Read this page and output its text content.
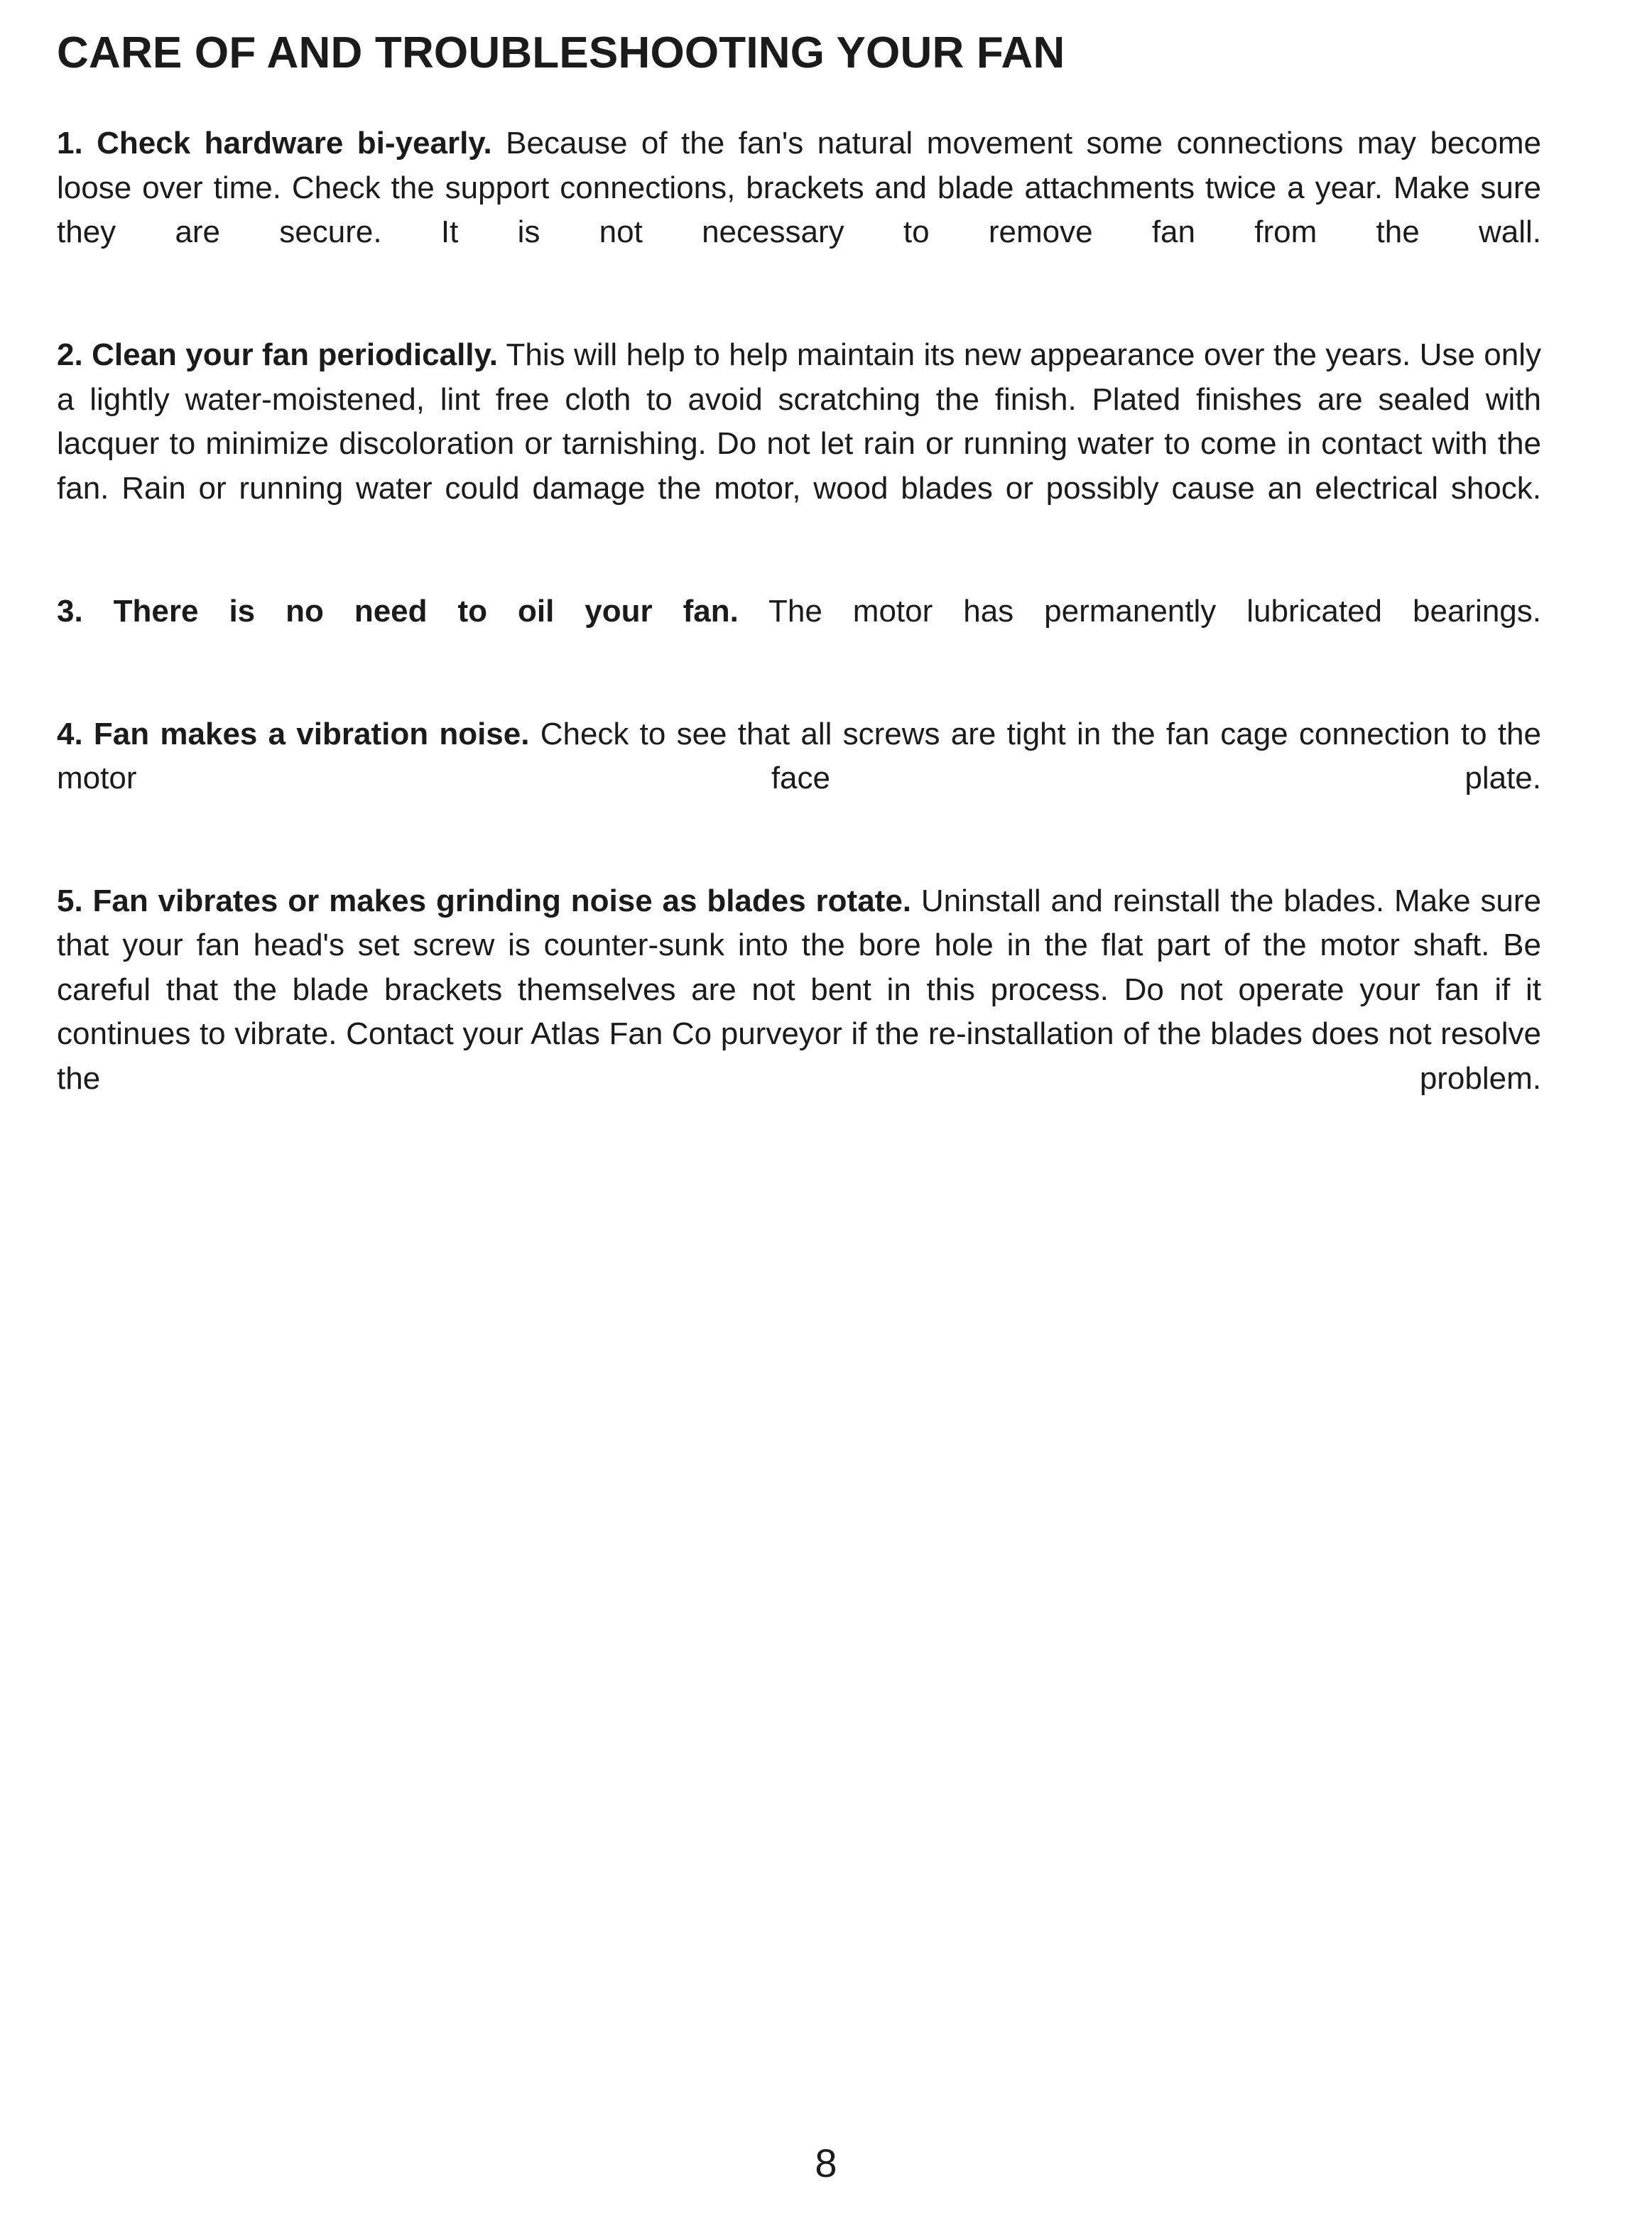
CARE OF AND TROUBLESHOOTING YOUR FAN

1. Check hardware bi-yearly. Because of the fan's natural movement some connections may become loose over time. Check the support connections, brackets and blade attachments twice a year. Make sure they are secure. It is not necessary to remove fan from the wall.

2. Clean your fan periodically. This will help to help maintain its new appearance over the years. Use only a lightly water-moistened, lint free cloth to avoid scratching the finish. Plated finishes are sealed with lacquer to minimize discoloration or tarnishing. Do not let rain or running water to come in contact with the fan. Rain or running water could damage the motor, wood blades or possibly cause an electrical shock.

3. There is no need to oil your fan. The motor has permanently lubricated bearings.

4. Fan makes a vibration noise. Check to see that all screws are tight in the fan cage connection to the motor face plate.

5. Fan vibrates or makes grinding noise as blades rotate. Uninstall and reinstall the blades. Make sure that your fan head's set screw is counter-sunk into the bore hole in the flat part of the motor shaft. Be careful that the blade brackets themselves are not bent in this process. Do not operate your fan if it continues to vibrate. Contact your Atlas Fan Co purveyor if the re-installation of the blades does not resolve the problem.

8
